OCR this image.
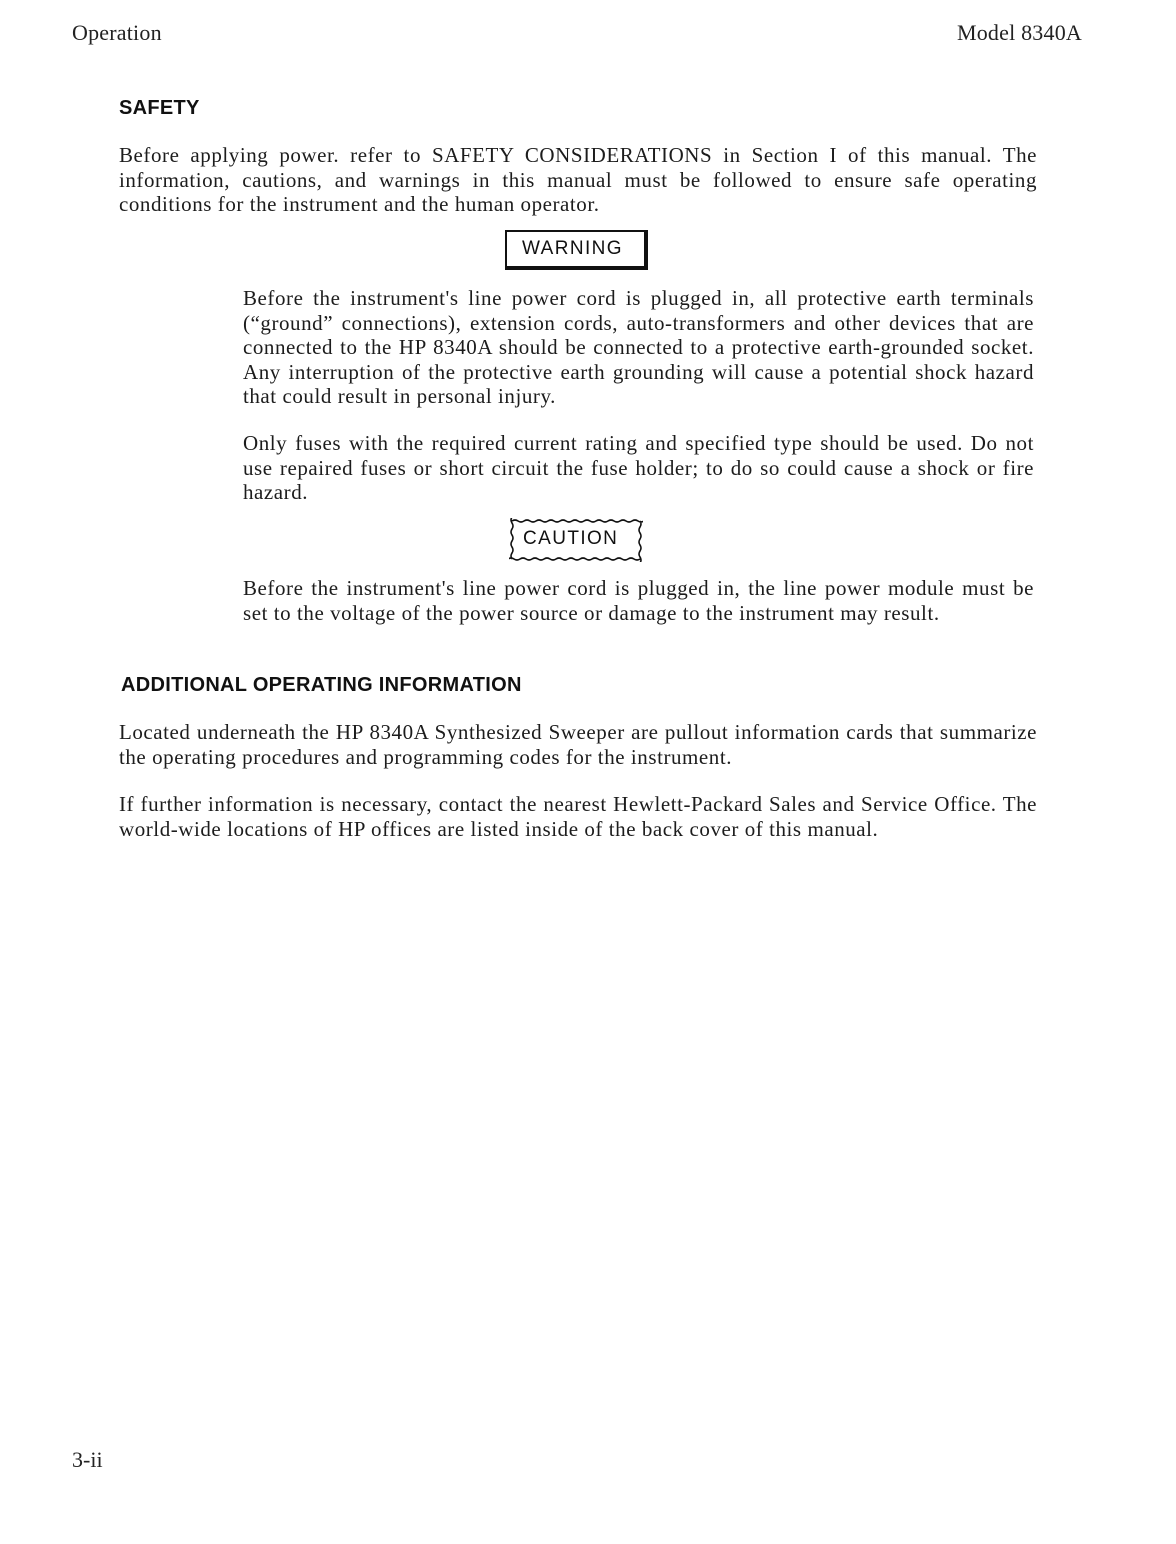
Operation	Model 8340A
SAFETY

Before applying power. refer to SAFETY CONSIDERATIONS in Section I of this manual. The information, cautions, and warnings in this manual must be followed to ensure safe operating conditions for the instrument and the human operator.

WARNING

Before the instrument's line power cord is plugged in, all protective earth terminals (“ground” connections), extension cords, auto-transformers and other devices that are connected to the HP 8340A should be connected to a protective earth-grounded socket. Any interruption of the protective earth grounding will cause a potential shock hazard that could result in personal injury.

Only fuses with the required current rating and specified type should be used. Do not use repaired fuses or short circuit the fuse holder; to do so could cause a shock or fire hazard.

CAUTION

Before the instrument's line power cord is plugged in, the line power module must be set to the voltage of the power source or damage to the instrument may result.

ADDITIONAL OPERATING INFORMATION

Located underneath the HP 8340A Synthesized Sweeper are pullout information cards that summarize the operating procedures and programming codes for the instrument.

If further information is necessary, contact the nearest Hewlett-Packard Sales and Service Office. The world-wide locations of HP offices are listed inside of the back cover of this manual.

3-ii
